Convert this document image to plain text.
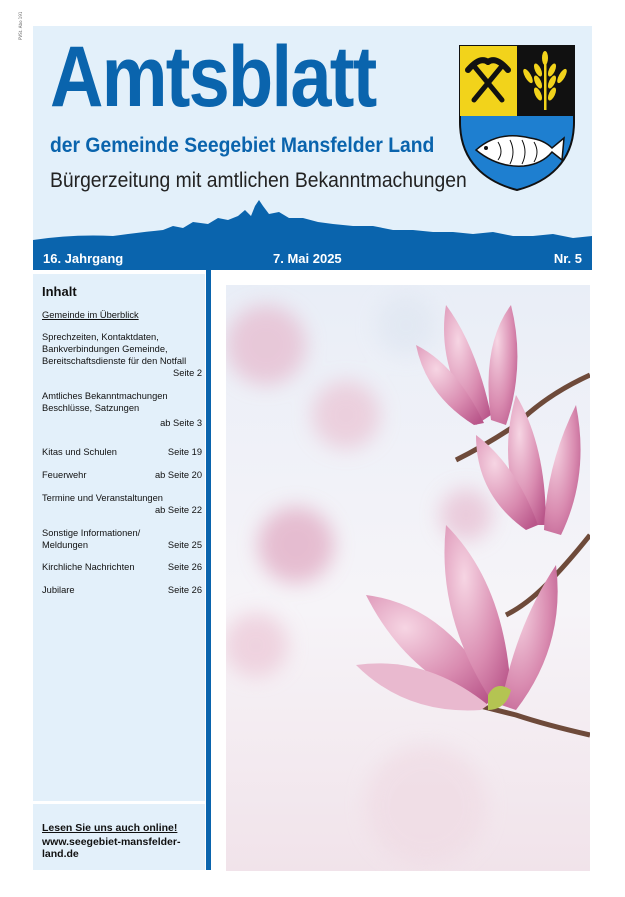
PVSt. Abo 191
Amtsblatt
der Gemeinde Seegebiet Mansfelder Land
Bürgerzeitung mit amtlichen Bekanntmachungen
16. Jahrgang	7. Mai 2025	Nr. 5
Inhalt
Gemeinde im Überblick
Sprechzeiten, Kontaktdaten, Bankverbindungen Gemeinde, Bereitschaftsdienste für den Notfall
Seite 2
Amtliches Bekanntmachungen Beschlüsse, Satzungen
ab Seite 3
Kitas und Schulen	Seite 19
Feuerwehr	ab Seite 20
Termine und Veranstaltungen
ab Seite 22
Sonstige Informationen/ Meldungen	Seite 25
Kirchliche Nachrichten	Seite 26
Jubilare	Seite 26
Lesen Sie uns auch online!
www.seegebiet-mansfelder-land.de
